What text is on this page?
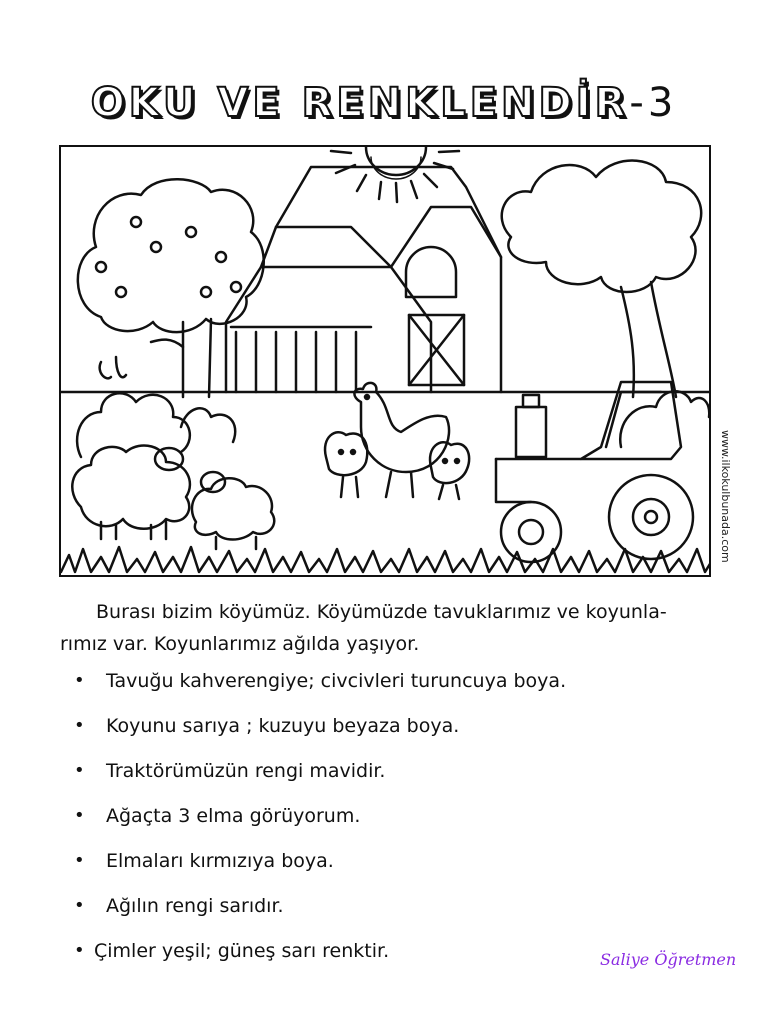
OKU VE RENKLENDİR-3
www.ilkokulbunada.com
Burası bizim köyümüz. Köyümüzde tavuklarımız ve koyunla-
rımız var. Koyunlarımız ağılda yaşıyor.
• Tavuğu kahverengiye; civcivleri turuncuya boya.
• Koyunu sarıya ; kuzuyu beyaza boya.
• Traktörümüzün rengi mavidir.
• Ağaçta 3 elma görüyorum.
• Elmaları kırmızıya boya.
• Ağılın rengi sarıdır.
• Çimler yeşil; güneş sarı renktir.	Saliye Öğretmen
